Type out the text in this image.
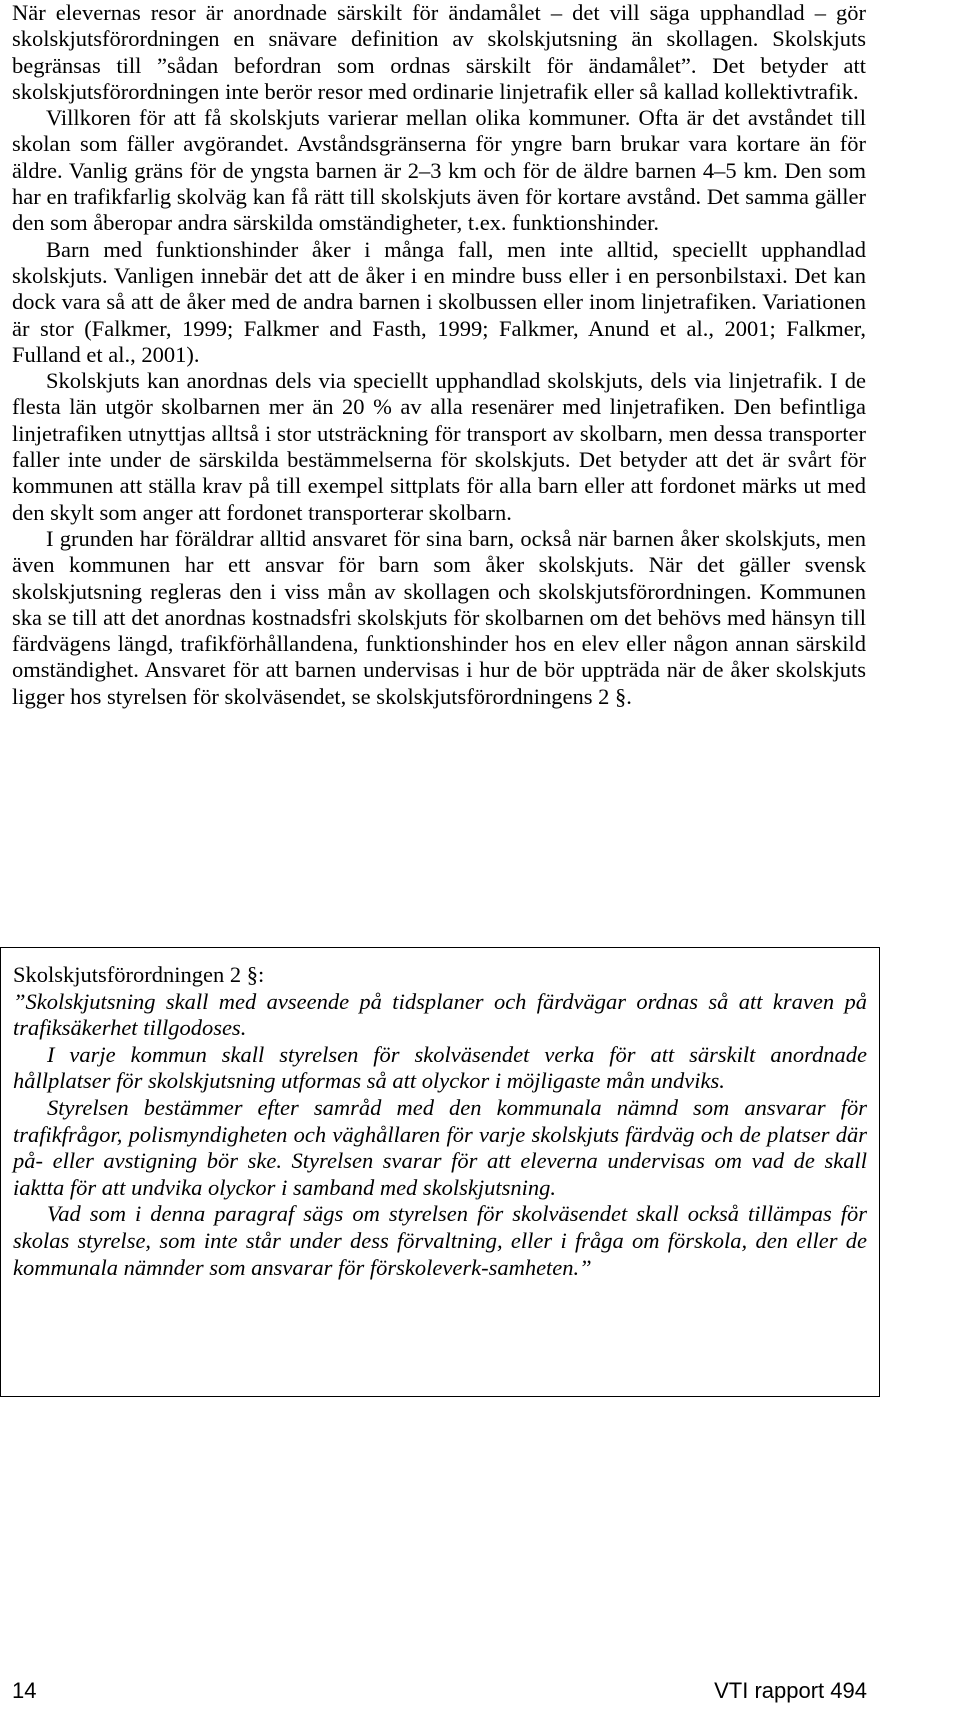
När elevernas resor är anordnade särskilt för ändamålet – det vill säga upphandlad – gör skolskjutsförordningen en snävare definition av skolskjutsning än skollagen. Skolskjuts begränsas till ”sådan befordran som ordnas särskilt för ändamålet”. Det betyder att skolskjutsförordningen inte berör resor med ordinarie linjetrafik eller så kallad kollektivtrafik.

Villkoren för att få skolskjuts varierar mellan olika kommuner. Ofta är det avståndet till skolan som fäller avgörandet. Avståndsgränserna för yngre barn brukar vara kortare än för äldre. Vanlig gräns för de yngsta barnen är 2–3 km och för de äldre barnen 4–5 km. Den som har en trafikfarlig skolväg kan få rätt till skolskjuts även för kortare avstånd. Det samma gäller den som åberopar andra särskilda omständigheter, t.ex. funktionshinder.

Barn med funktionshinder åker i många fall, men inte alltid, speciellt upphandlad skolskjuts. Vanligen innebär det att de åker i en mindre buss eller i en personbilstaxi. Det kan dock vara så att de åker med de andra barnen i skolbussen eller inom linjetrafiken. Variationen är stor (Falkmer, 1999; Falkmer and Fasth, 1999; Falkmer, Anund et al., 2001; Falkmer, Fulland et al., 2001).

Skolskjuts kan anordnas dels via speciellt upphandlad skolskjuts, dels via linjetrafik. I de flesta län utgör skolbarnen mer än 20 % av alla resenärer med linjetrafiken. Den befintliga linjetrafiken utnyttjas alltså i stor utsträckning för transport av skolbarn, men dessa transporter faller inte under de särskilda bestämmelserna för skolskjuts. Det betyder att det är svårt för kommunen att ställa krav på till exempel sittplats för alla barn eller att fordonet märks ut med den skylt som anger att fordonet transporterar skolbarn.

I grunden har föräldrar alltid ansvaret för sina barn, också när barnen åker skolskjuts, men även kommunen har ett ansvar för barn som åker skolskjuts. När det gäller svensk skolskjutsning regleras den i viss mån av skollagen och skolskjutsförordningen. Kommunen ska se till att det anordnas kostnadsfri skolskjuts för skolbarnen om det behövs med hänsyn till färdvägens längd, trafikförhållandena, funktionshinder hos en elev eller någon annan särskild omständighet. Ansvaret för att barnen undervisas i hur de bör uppträda när de åker skolskjuts ligger hos styrelsen för skolväsendet, se skolskjutsförordningens 2 §.

Skolskjutsförordningen 2 §:

”Skolskjutsning skall med avseende på tidsplaner och färdvägar ordnas så att kraven på trafiksäkerhet tillgodoses.

I varje kommun skall styrelsen för skolväsendet verka för att särskilt anordnade hållplatser för skolskjutsning utformas så att olyckor i möjligaste mån undviks.

Styrelsen bestämmer efter samråd med den kommunala nämnd som ansvarar för trafikfrågor, polismyndigheten och väghållaren för varje skolskjuts färdväg och de platser där på- eller avstigning bör ske. Styrelsen svarar för att eleverna undervisas om vad de skall iaktta för att undvika olyckor i samband med skolskjutsning.

Vad som i denna paragraf sägs om styrelsen för skolväsendet skall också tillämpas för skolas styrelse, som inte står under dess förvaltning, eller i fråga om förskola, den eller de kommunala nämnder som ansvarar för förskoleverk-samheten.”

14	VTI rapport 494
